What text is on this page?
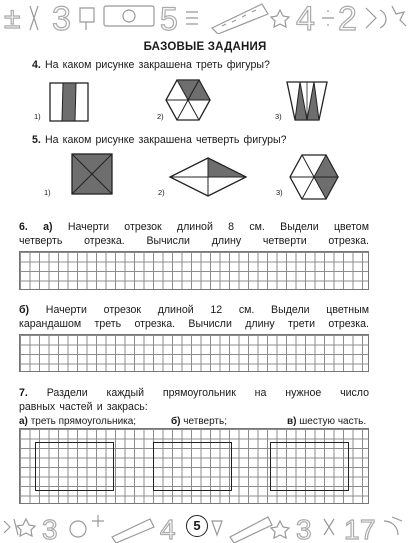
± 3	5	4 2
БАЗОВЫЕ ЗАДАНИЯ
4. На каком рисунке закрашена треть фигуры?
1)	2)	3)
5. На каком рисунке закрашена четверть фигуры?
1)	2)	3)
6. а) Начерти отрезок длиной 8 см. Выдели цветом
четверть отрезка. Вычисли длину четверти отрезка.
б) Начерти отрезок длиной 12 см. Выдели цветным
карандашом треть отрезка. Вычисли длину трети отрезка.
7. Раздели каждый прямоугольник на нужное число
равных частей и закрась:
а) треть прямоугольника;	б) четверть;	в) шестую часть.
3	4	3 1 7
5
